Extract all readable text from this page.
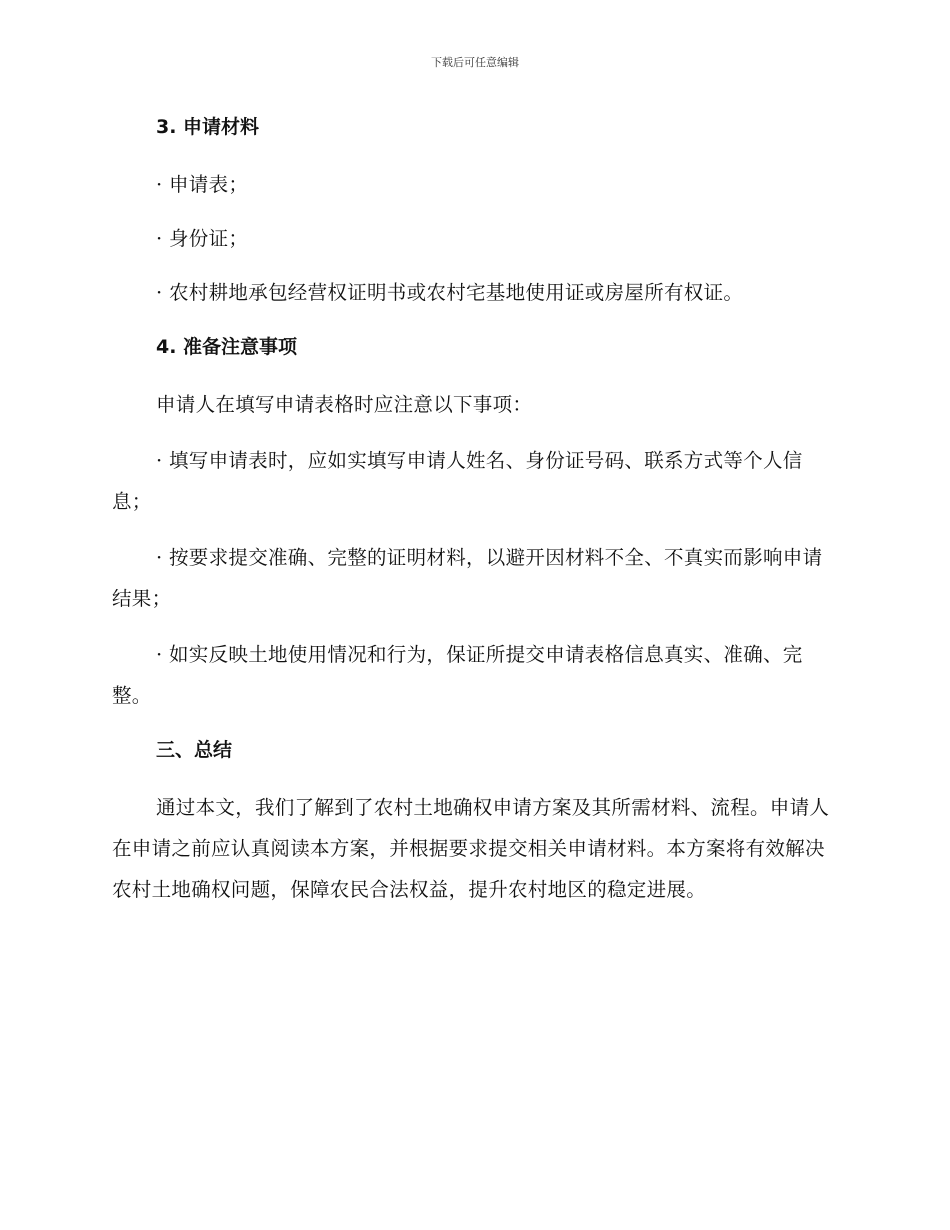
下载后可任意编辑
3. 申请材料

· 申请表；

· 身份证；

· 农村耕地承包经营权证明书或农村宅基地使用证或房屋所有权证。

4. 准备注意事项

申请人在填写申请表格时应注意以下事项：

· 填写申请表时，应如实填写申请人姓名、身份证号码、联系方式等个人信息；

· 按要求提交准确、完整的证明材料，以避开因材料不全、不真实而影响申请结果；

· 如实反映土地使用情况和行为，保证所提交申请表格信息真实、准确、完整。

三、总结

通过本文，我们了解到了农村土地确权申请方案及其所需材料、流程。申请人在申请之前应认真阅读本方案，并根据要求提交相关申请材料。本方案将有效解决农村土地确权问题，保障农民合法权益，提升农村地区的稳定进展。
